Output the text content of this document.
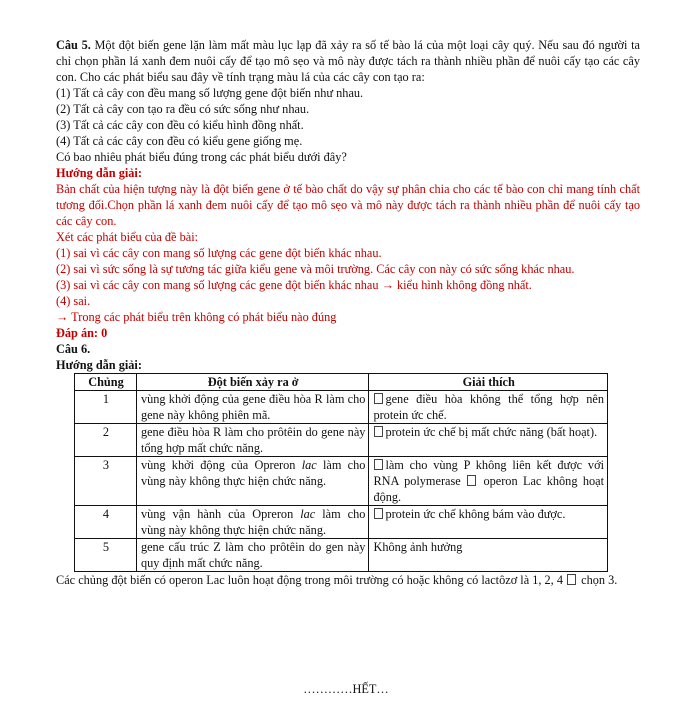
Câu 5. Một đột biến gene lặn làm mất màu lục lạp đã xảy ra số tế bào lá của một loại cây quý. Nếu sau đó người ta chỉ chọn phần lá xanh đem nuôi cấy để tạo mô sẹo và mô này được tách ra thành nhiều phần để nuôi cấy tạo các cây con. Cho các phát biểu sau đây về tính trạng màu lá của các cây con tạo ra:

(1) Tất cả cây con đều mang số lượng gene đột biến như nhau.

(2) Tất cả cây con tạo ra đều có sức sống như nhau.

(3) Tất cả các cây con đều có kiểu hình đồng nhất.

(4) Tất cả các cây con đều có kiểu gene giống mẹ.

Có bao nhiêu phát biểu đúng trong các phát biểu dưới đây?

Hướng dẫn giải:

Bản chất của hiện tượng này là đột biến gene ở tế bào chất do vậy sự phân chia cho các tế bào con chỉ mang tính chất tương đối.Chọn phần lá xanh đem nuôi cấy để tạo mô sẹo và mô này được tách ra thành nhiều phần để nuôi cấy tạo các cây con.

Xét các phát biểu của đề bài:

(1) sai vì các cây con mang số lượng các gene đột biến khác nhau.

(2) sai vì sức sống là sự tương tác giữa kiểu gene và môi trường. Các cây con này có sức sống khác nhau.

(3) sai vì các cây con mang số lượng các gene đột biến khác nhau → kiểu hình không đồng nhất.

(4) sai.

→ Trong các phát biểu trên không có phát biểu nào đúng

Đáp án: 0

Câu 6.

Hướng dẫn giải:

Chủng	Đột biến xảy ra ở	Giải thích
1	vùng khởi động của gene điều hòa R làm cho gene này không phiên mã.	gene điều hòa không thể tổng hợp nên protein ức chế.
2	gene điều hòa R làm cho prôtêin do gene này tổng hợp mất chức năng.	protein ức chế bị mất chức năng (bất hoạt).
3	vùng khởi động của Opreron lac làm cho vùng này không thực hiện chức năng.	làm cho vùng P không liên kết được với RNA polymerase  operon Lac không hoạt động.
4	vùng vận hành của Opreron lac làm cho vùng này không thực hiện chức năng.	protein ức chế không bám vào được.
5	gene cấu trúc Z làm cho prôtêin do gen này quy định mất chức năng.	Không ảnh hưởng

Các chủng đột biến có operon Lac luôn hoạt động trong môi trường có hoặc không có lactôzơ là 1, 2, 4  chọn 3.

…………HẾT…
